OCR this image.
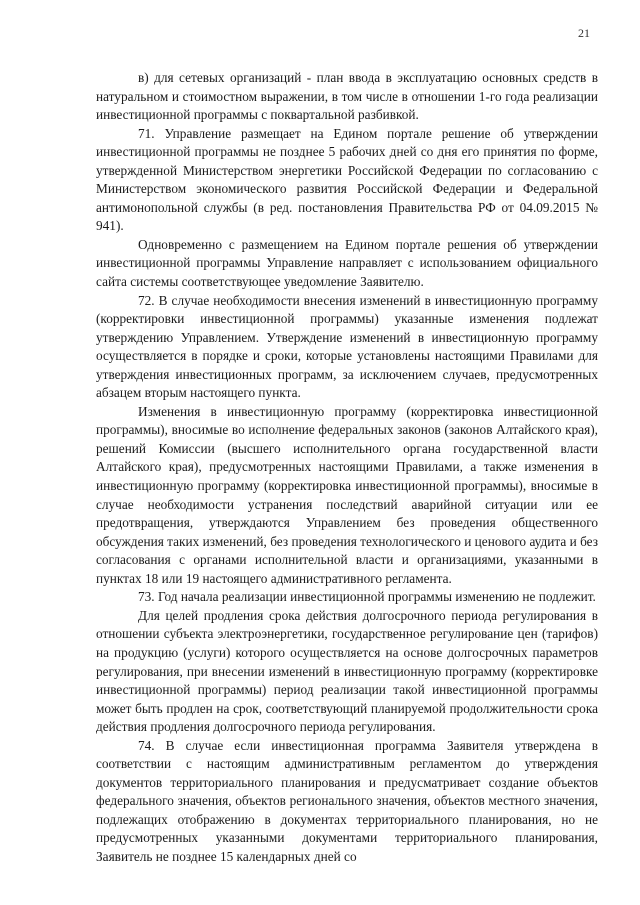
21

в) для сетевых организаций - план ввода в эксплуатацию основных средств в натуральном и стоимостном выражении, в том числе в отношении 1-го года реализации инвестиционной программы с поквартальной разбивкой.

71. Управление размещает на Едином портале решение об утверждении инвестиционной программы не позднее 5 рабочих дней со дня его принятия по форме, утвержденной Министерством энергетики Российской Федерации по согласованию с Министерством экономического развития Российской Федерации и Федеральной антимонопольной службы (в ред. постановления Правительства РФ от 04.09.2015 № 941).

Одновременно с размещением на Едином портале решения об утверждении инвестиционной программы Управление направляет с использованием официального сайта системы соответствующее уведомление Заявителю.

72. В случае необходимости внесения изменений в инвестиционную программу (корректировки инвестиционной программы) указанные изменения подлежат утверждению Управлением. Утверждение изменений в инвестиционную программу осуществляется в порядке и сроки, которые установлены настоящими Правилами для утверждения инвестиционных программ, за исключением случаев, предусмотренных абзацем вторым настоящего пункта.

Изменения в инвестиционную программу (корректировка инвестиционной программы), вносимые во исполнение федеральных законов (законов Алтайского края), решений Комиссии (высшего исполнительного органа государственной власти Алтайского края), предусмотренных настоящими Правилами, а также изменения в инвестиционную программу (корректировка инвестиционной программы), вносимые в случае необходимости устранения последствий аварийной ситуации или ее предотвращения, утверждаются Управлением без проведения общественного обсуждения таких изменений, без проведения технологического и ценового аудита и без согласования с органами исполнительной власти и организациями, указанными в пунктах 18 или 19 настоящего административного регламента.

73. Год начала реализации инвестиционной программы изменению не подлежит.

Для целей продления срока действия долгосрочного периода регулирования в отношении субъекта электроэнергетики, государственное регулирование цен (тарифов) на продукцию (услуги) которого осуществляется на основе долгосрочных параметров регулирования, при внесении изменений в инвестиционную программу (корректировке инвестиционной программы) период реализации такой инвестиционной программы может быть продлен на срок, соответствующий планируемой продолжительности срока действия продления долгосрочного периода регулирования.

74. В случае если инвестиционная программа Заявителя утверждена в соответствии с настоящим административным регламентом до утверждения документов территориального планирования и предусматривает создание объектов федерального значения, объектов регионального значения, объектов местного значения, подлежащих отображению в документах территориального планирования, но не предусмотренных указанными документами территориального планирования, Заявитель не позднее 15 календарных дней со
